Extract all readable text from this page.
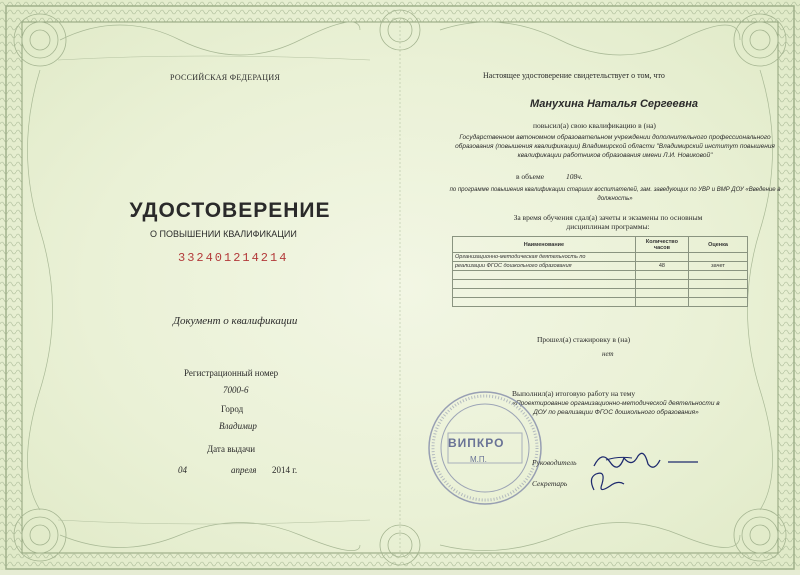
РОССИЙСКАЯ ФЕДЕРАЦИЯ
УДОСТОВЕРЕНИЕ
О ПОВЫШЕНИИ КВАЛИФИКАЦИИ
332401214214
Документ о квалификации
Регистрационный номер
7000-6
Город
Владимир
Дата выдачи
04	апреля 2014 г.
Настоящее удостоверение свидетельствует о том, что
Манухина Наталья Сергеевна
повысил(а) свою квалификацию в (на)
Государственном автономном образовательном учреждении дополнительного профессионального образования (повышения квалификации) Владимирской области "Владимирский институт повышения квалификации работников образования имени Л.И. Новиковой"
в объеме	108ч.
по программе повышения квалификации старших воспитателей, зам. заведующих по УВР и ВМР ДОУ «Введение в должность»
За время обучения сдал(а) зачеты и экзамены по основным дисциплинам программы:
Наименование	Количество часов	Оценка
Организационно-методическая деятельность по		
реализации ФГОС дошкольного образования	48	зачет

Прошел(а) стажировку в (на)
нет
Выполнил(а) итоговую работу на тему
«Проектирование организационно-методической деятельности в ДОУ по реализации ФГОС дошкольного образования»
ВИПКРО
М.П.	Руководитель
Секретарь
